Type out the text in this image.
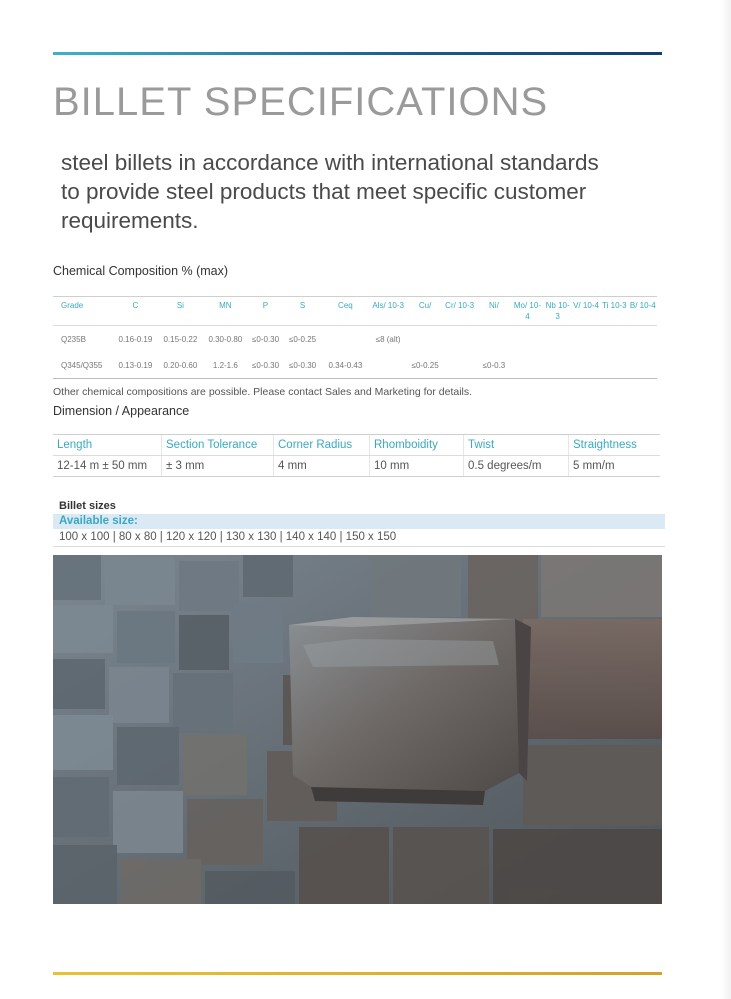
BILLET SPECIFICATIONS

steel billets in accordance with international standards to provide steel products that meet specific customer requirements.

Chemical Composition % (max)
Grade	C	Si	MN	P	S	Ceq	Als/ 10-3	Cu/	Cr/ 10-3	Ni/	Mo/ 10-4	Nb 10-3	V/ 10-4	Ti 10-3	B/ 10-4
Q235B	0.16-0.19	0.15-0.22	0.30-0.80	≤0-0.30	≤0-0.25		≤8 (alt)								
Q345/Q355	0.13-0.19	0.20-0.60	1.2-1.6	≤0-0.30	≤0-0.30	0.34-0.43		≤0-0.25		≤0-0.3					
Other chemical compositions are possible. Please contact Sales and Marketing for details.
Dimension / Appearance
Length	Section Tolerance	Corner Radius	Rhomboidity	Twist	Straightness
12-14 m ± 50 mm	± 3 mm	4 mm	10 mm	0.5 degrees/m	5 mm/m
Billet sizes
Available size:
100 x 100 | 80 x 80 | 120 x 120 | 130 x 130 | 140 x 140 | 150 x 150
